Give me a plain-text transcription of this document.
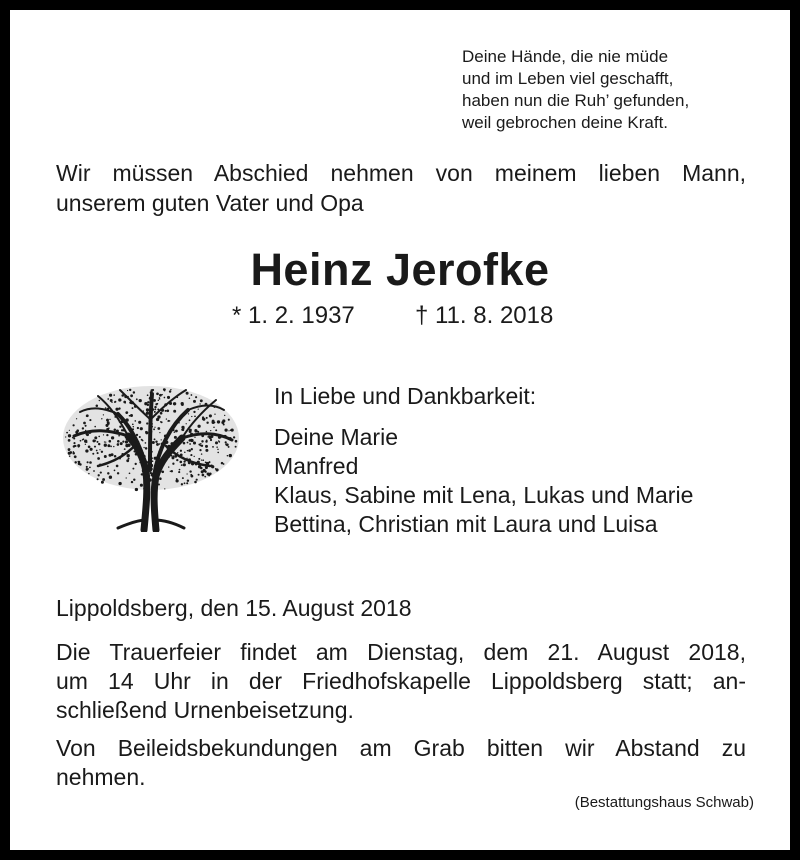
Deine Hände, die nie müde
und im Leben viel geschafft,
haben nun die Ruh’ gefunden,
weil gebrochen deine Kraft.
Wir müssen Abschied nehmen von meinem lieben Mann,
unserem guten Vater und Opa
Heinz Jerofke
* 1. 2. 1937	† 11. 8. 2018
In Liebe und Dankbarkeit:
Deine Marie
Manfred
Klaus, Sabine mit Lena, Lukas und Marie
Bettina, Christian mit Laura und Luisa
Lippoldsberg, den 15. August 2018
Die Trauerfeier findet am Dienstag, dem 21. August 2018,
um 14 Uhr in der Friedhofskapelle Lippoldsberg statt; an-
schließend Urnenbeisetzung.
Von Beileidsbekundungen am Grab bitten wir Abstand zu
nehmen.
(Bestattungshaus Schwab)
